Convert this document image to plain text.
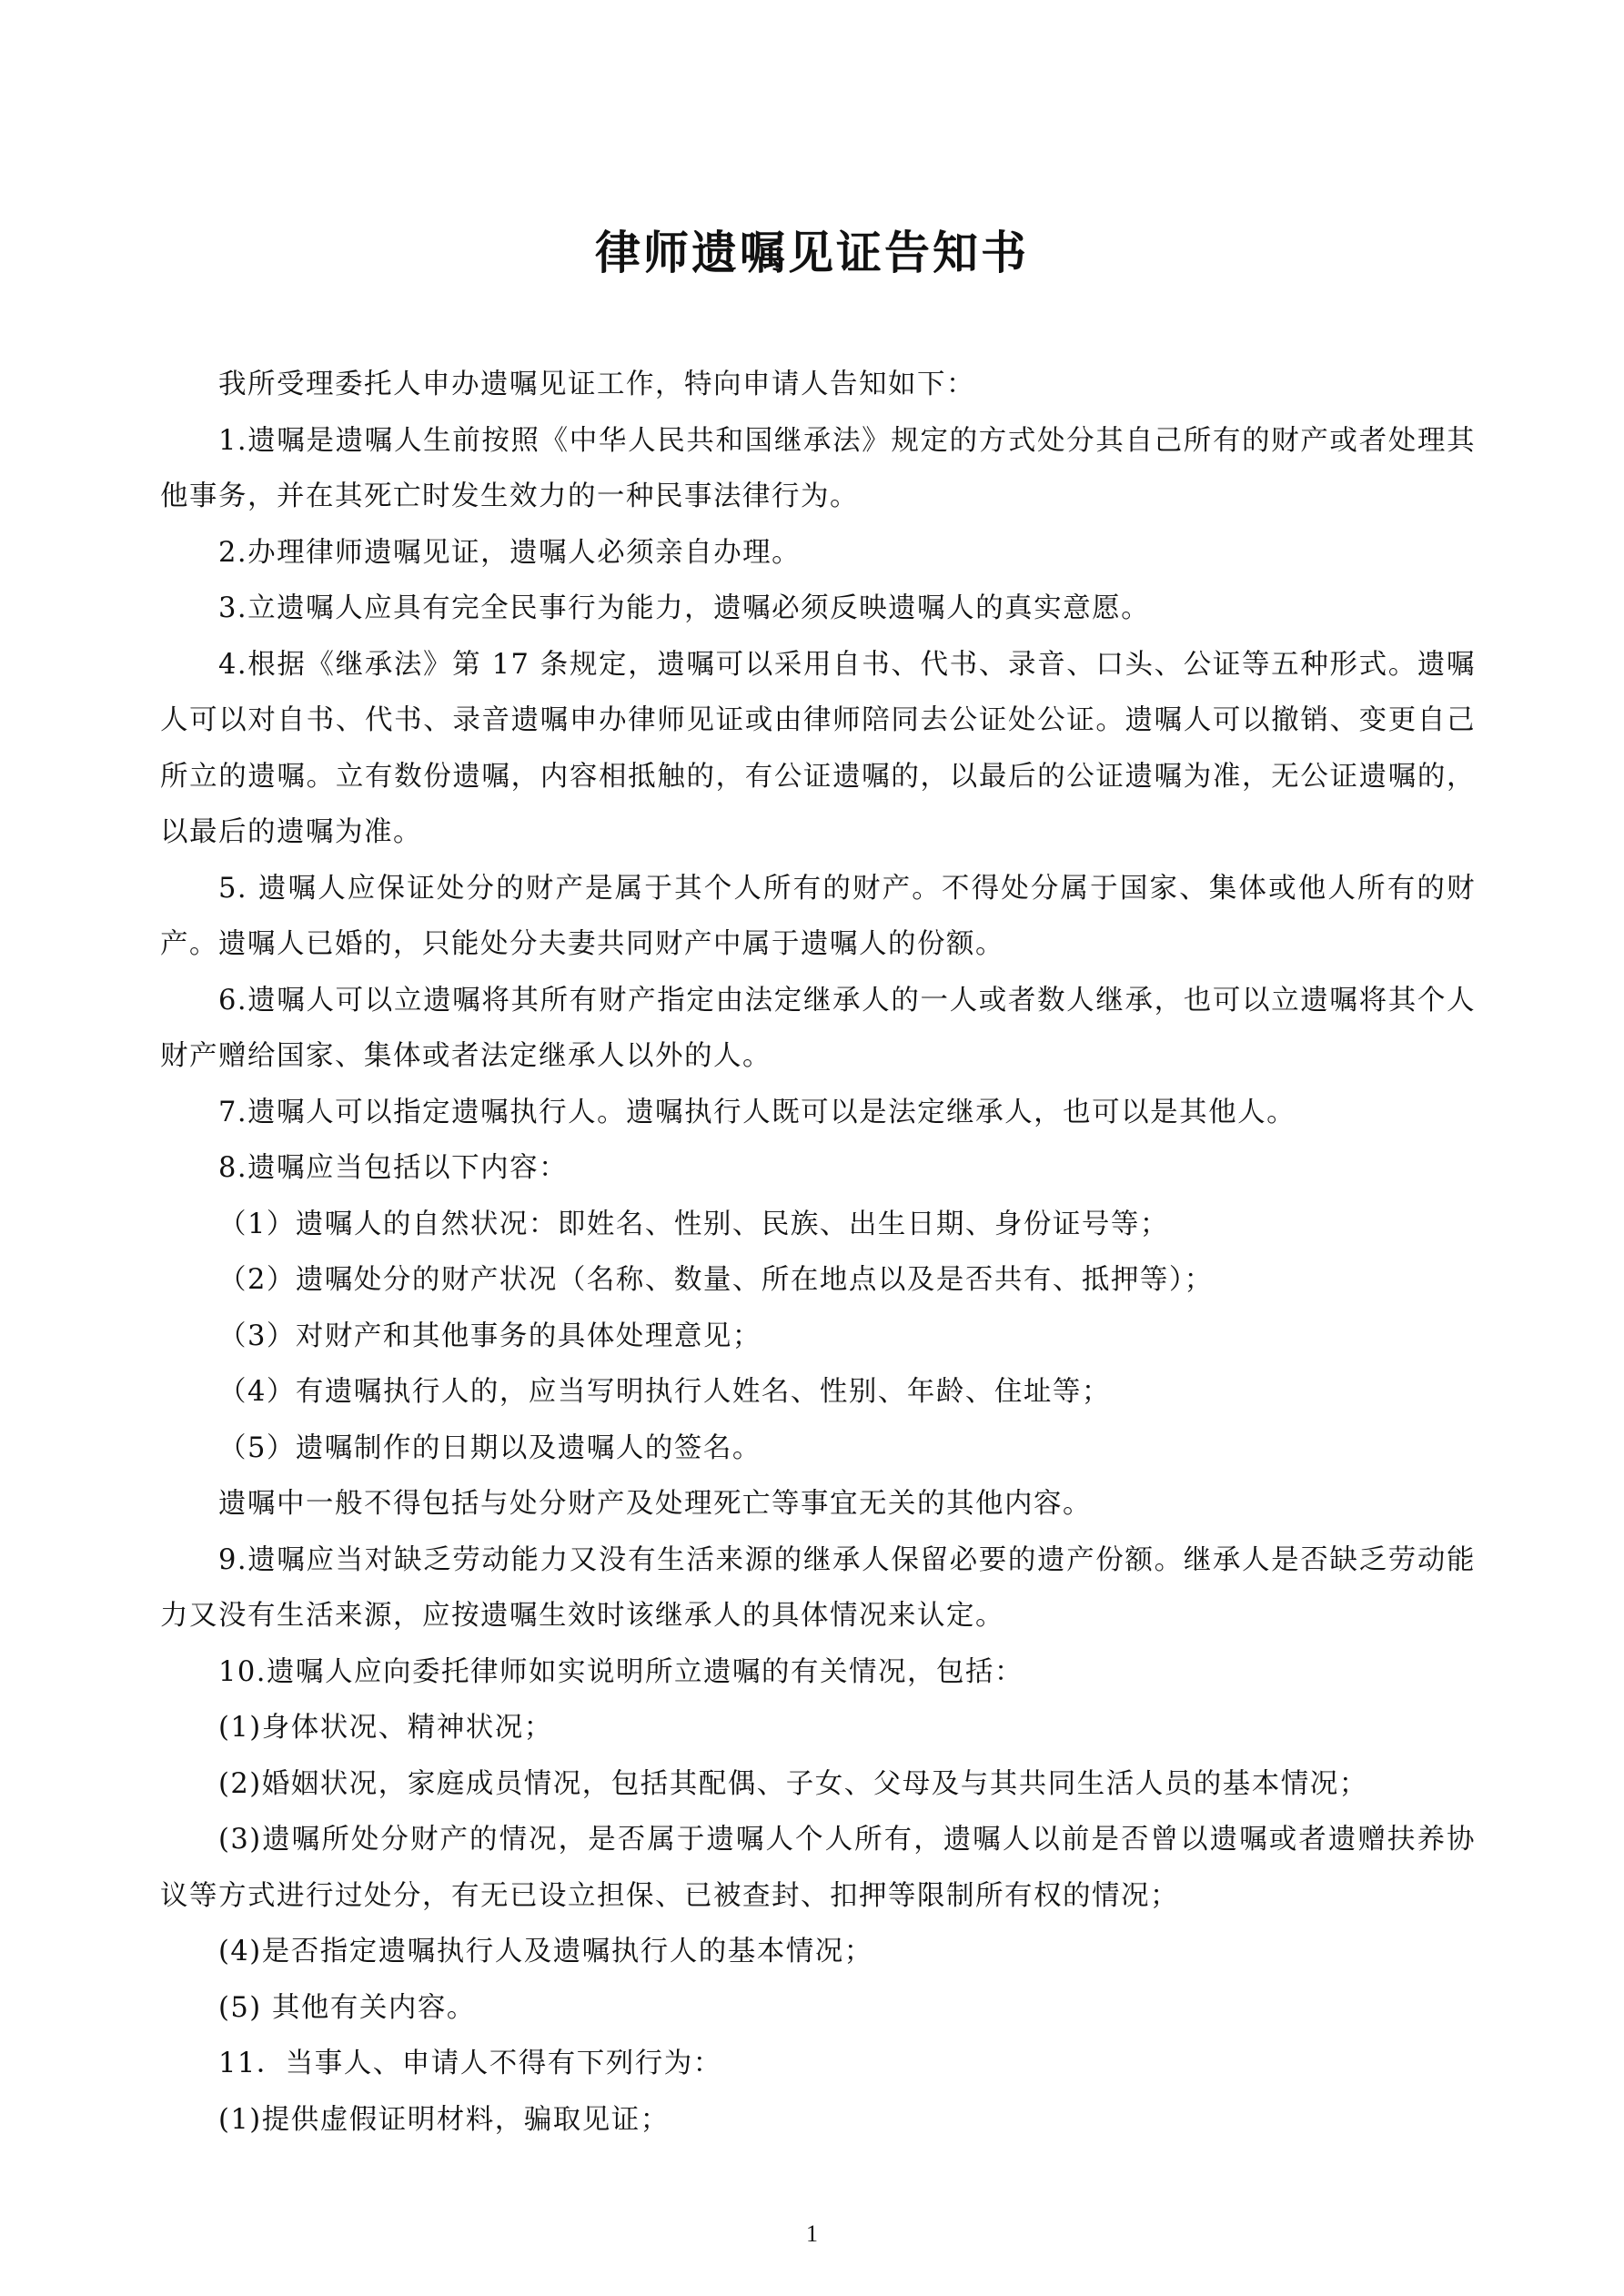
律师遗嘱见证告知书

我所受理委托人申办遗嘱见证工作，特向申请人告知如下：

1.遗嘱是遗嘱人生前按照《中华人民共和国继承法》规定的方式处分其自己所有的财产或者处理其他事务，并在其死亡时发生效力的一种民事法律行为。

2.办理律师遗嘱见证，遗嘱人必须亲自办理。

3.立遗嘱人应具有完全民事行为能力，遗嘱必须反映遗嘱人的真实意愿。

4.根据《继承法》第 17 条规定，遗嘱可以采用自书、代书、录音、口头、公证等五种形式。遗嘱人可以对自书、代书、录音遗嘱申办律师见证或由律师陪同去公证处公证。遗嘱人可以撤销、变更自己所立的遗嘱。立有数份遗嘱，内容相抵触的，有公证遗嘱的，以最后的公证遗嘱为准，无公证遗嘱的，以最后的遗嘱为准。

5. 遗嘱人应保证处分的财产是属于其个人所有的财产。不得处分属于国家、集体或他人所有的财产。遗嘱人已婚的，只能处分夫妻共同财产中属于遗嘱人的份额。

6.遗嘱人可以立遗嘱将其所有财产指定由法定继承人的一人或者数人继承，也可以立遗嘱将其个人财产赠给国家、集体或者法定继承人以外的人。

7.遗嘱人可以指定遗嘱执行人。遗嘱执行人既可以是法定继承人，也可以是其他人。

8.遗嘱应当包括以下内容：

（1）遗嘱人的自然状况：即姓名、性别、民族、出生日期、身份证号等；

（2）遗嘱处分的财产状况（名称、数量、所在地点以及是否共有、抵押等）；

（3）对财产和其他事务的具体处理意见；

（4）有遗嘱执行人的，应当写明执行人姓名、性别、年龄、住址等；

（5）遗嘱制作的日期以及遗嘱人的签名。

遗嘱中一般不得包括与处分财产及处理死亡等事宜无关的其他内容。

9.遗嘱应当对缺乏劳动能力又没有生活来源的继承人保留必要的遗产份额。继承人是否缺乏劳动能力又没有生活来源，应按遗嘱生效时该继承人的具体情况来认定。

10.遗嘱人应向委托律师如实说明所立遗嘱的有关情况，包括：

(1)身体状况、精神状况；

(2)婚姻状况，家庭成员情况，包括其配偶、子女、父母及与其共同生活人员的基本情况；

(3)遗嘱所处分财产的情况，是否属于遗嘱人个人所有，遗嘱人以前是否曾以遗嘱或者遗赠扶养协议等方式进行过处分，有无已设立担保、已被查封、扣押等限制所有权的情况；

(4)是否指定遗嘱执行人及遗嘱执行人的基本情况；

(5) 其他有关内容。

11．当事人、申请人不得有下列行为：

(1)提供虚假证明材料，骗取见证；

1
